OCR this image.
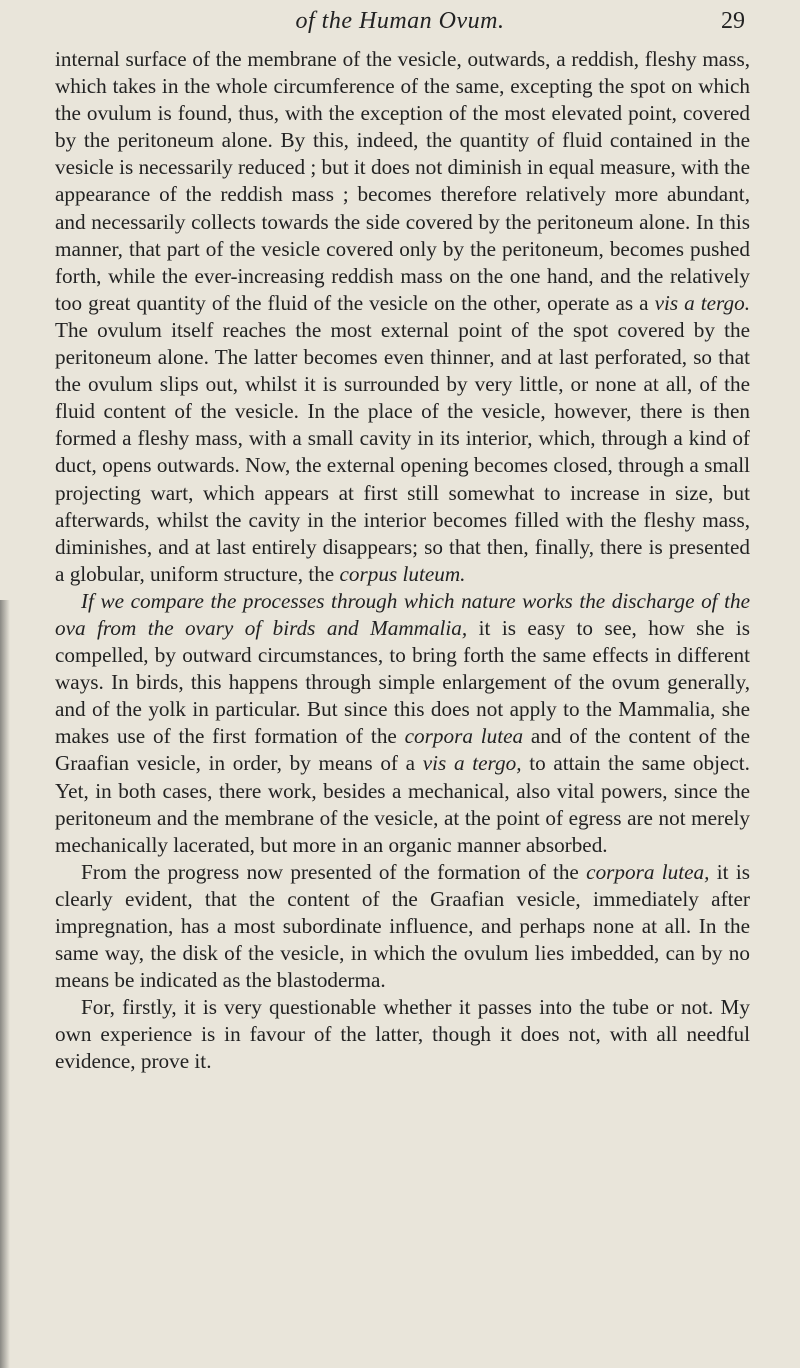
of the Human Ovum.	29

internal surface of the membrane of the vesicle, outwards, a reddish, fleshy mass, which takes in the whole circumference of the same, excepting the spot on which the ovulum is found, thus, with the exception of the most elevated point, covered by the peritoneum alone. By this, indeed, the quantity of fluid contained in the vesicle is necessarily reduced ; but it does not diminish in equal measure, with the appearance of the reddish mass ; becomes therefore relatively more abundant, and necessarily collects towards the side covered by the peritoneum alone. In this manner, that part of the vesicle covered only by the peritoneum, becomes pushed forth, while the ever-increasing reddish mass on the one hand, and the relatively too great quantity of the fluid of the vesicle on the other, operate as a vis a tergo. The ovulum itself reaches the most external point of the spot covered by the peritoneum alone. The latter becomes even thinner, and at last perforated, so that the ovulum slips out, whilst it is surrounded by very little, or none at all, of the fluid content of the vesicle. In the place of the vesicle, however, there is then formed a fleshy mass, with a small cavity in its interior, which, through a kind of duct, opens outwards. Now, the external opening becomes closed, through a small projecting wart, which appears at first still somewhat to increase in size, but afterwards, whilst the cavity in the interior becomes filled with the fleshy mass, diminishes, and at last entirely disappears; so that then, finally, there is presented a globular, uniform structure, the corpus luteum.

If we compare the processes through which nature works the discharge of the ova from the ovary of birds and Mammalia, it is easy to see, how she is compelled, by outward circumstances, to bring forth the same effects in different ways. In birds, this happens through simple enlargement of the ovum generally, and of the yolk in particular. But since this does not apply to the Mammalia, she makes use of the first formation of the corpora lutea and of the content of the Graafian vesicle, in order, by means of a vis a tergo, to attain the same object. Yet, in both cases, there work, besides a mechanical, also vital powers, since the peritoneum and the membrane of the vesicle, at the point of egress are not merely mechanically lacerated, but more in an organic manner absorbed.

From the progress now presented of the formation of the corpora lutea, it is clearly evident, that the content of the Graafian vesicle, immediately after impregnation, has a most subordinate influence, and perhaps none at all. In the same way, the disk of the vesicle, in which the ovulum lies imbedded, can by no means be indicated as the blastoderma.

For, firstly, it is very questionable whether it passes into the tube or not. My own experience is in favour of the latter, though it does not, with all needful evidence, prove it.
